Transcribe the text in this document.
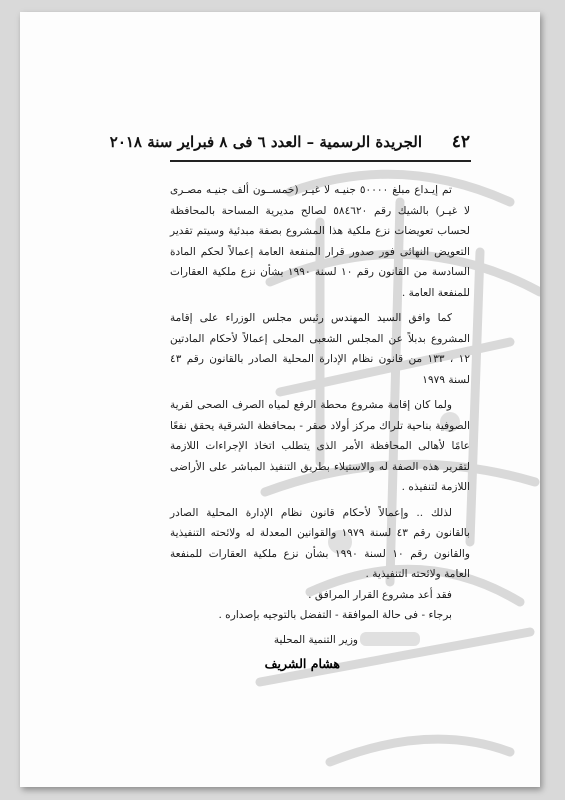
٤٢
الجريدة الرسمية – العدد ٦ فى ٨ فبراير سنة ٢٠١٨

تم إيـداع مبلغ ٥٠٠٠٠ جنيـه لا غيـر (خمســون ألف جنيـه مصـرى لا غيـر) بالشيك رقم ٥٨٤٦٢٠ لصالح مديرية المساحة بالمحافظة لحساب تعويضات نزع ملكية هذا المشروع بصفة مبدئية وسيتم تقدير التعويض النهائى فور صدور قرار المنفعة العامة إعمالاً لحكم المادة السادسة من القانون رقم ١٠ لسنة ١٩٩٠ بشأن نزع ملكية العقارات للمنفعة العامة .

كما وافق السيد المهندس رئيس مجلس الوزراء على إقامة المشروع بدبلاً عن المجلس الشعبى المحلى إعمالاً لأحكام المادتين ١٢ ، ١٣٣ من قانون نظام الإدارة المحلية الصادر بالقانون رقم ٤٣ لسنة ١٩٧٩

ولما كان إقامة مشروع محطة الرفع لمياه الصرف الصحى لقرية الصوفية بناحية تلراك مركز أولاد صقر - بمحافظة الشرقية يحقق نفعًا عامًا لأهالى المحافظة الأمر الذى يتطلب اتخاذ الإجراءات اللازمة لتقرير هذه الصفة له والاستيلاء بطريق التنفيذ المباشر على الأراضى اللازمة لتنفيذه .

لذلك .. وإعمالاً لأحكام قانون نظام الإدارة المحلية الصادر بالقانون رقم ٤٣ لسنة ١٩٧٩ والقوانين المعدلة له ولائحته التنفيذية والقانون رقم ١٠ لسنة ١٩٩٠ بشأن نزع ملكية العقارات للمنفعة العامة ولائحته التنفيذية .

فقد أعد مشروع القرار المرافق .

برجاء - فى حالة الموافقة - التفضل بالتوجيه بإصداره .

وزير التنمية المحلية
هشام الشريف
